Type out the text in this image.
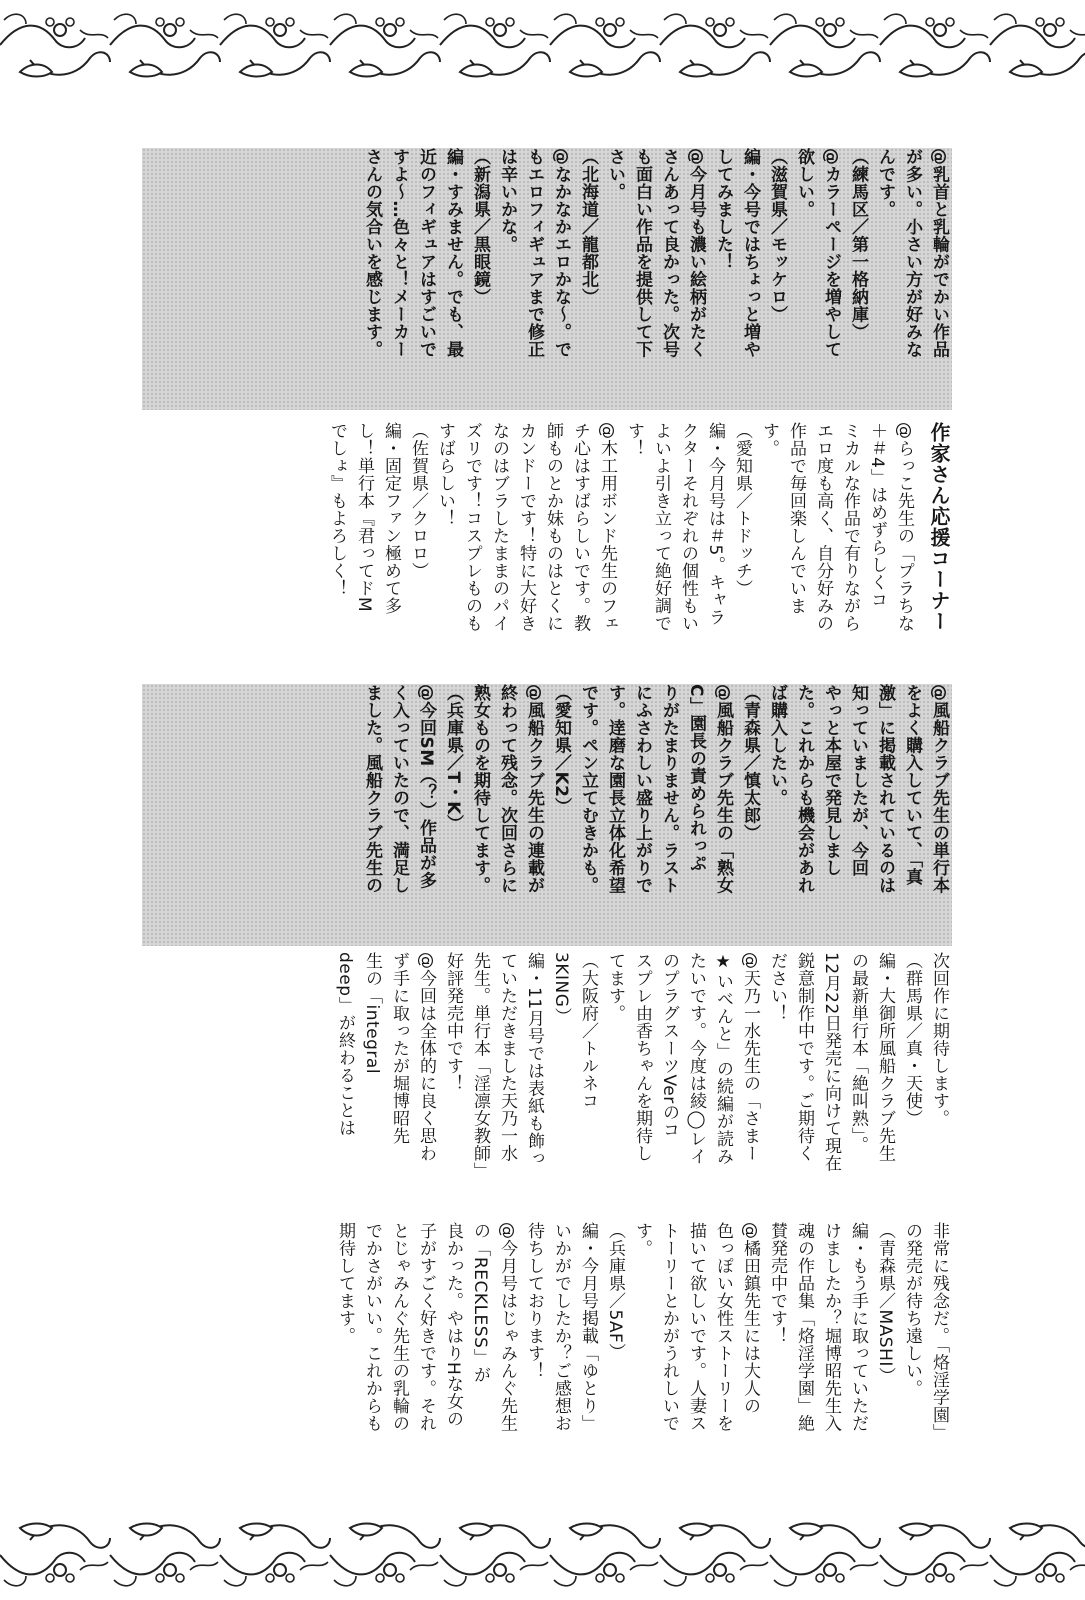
@乳首と乳輪がでかい作品

が多い。小さい方が好みな

んです。

（練馬区／第一格納庫）

@カラーページを増やして

欲しい。

（滋賀県／モッケロ）

編・今号ではちょっと増や

してみました！

@今月号も濃い絵柄がたく

さんあって良かった。次号

も面白い作品を提供して下

さい。

（北海道／龍都北）

@なかなかエロかな〜。で

もエロフィギュアまで修正

は辛いかな。

（新潟県／黒眼鏡）

編・すみません。でも、最

近のフィギュアはすごいで

すよ〜…色々と！メーカー

さんの気合いを感じます。

作家さん応援コーナー

@らっこ先生の「プラちな

＋＃4」はめずらしくコ

ミカルな作品で有りながら

エロ度も高く、自分好みの

作品で毎回楽しんでいま

す。

（愛知県／トドッチ）

編・今月号は＃5。キャラ

クターそれぞれの個性もい

よいよ引き立って絶好調で

す！

@木工用ボンド先生のフェ

チ心はすばらしいです。教

師ものとか妹ものはとくに

カンドーです！特に大好き

なのはブラしたままのパイ

ズリです！コスプレものも

すばらしい！

（佐賀県／クロロ）

編・固定ファン極めて多

し！単行本『君ってドM

でしょ』もよろしく！

@風船クラブ先生の単行本

をよく購入していて、「真

激」に掲載されているのは

知っていましたが、今回

やっと本屋で発見しまし

た。これからも機会があれ

ば購入したい。

（青森県／慎太郎）

@風船クラブ先生の「熟女

C」園長の責められっぷ

りがたまりません。ラスト

にふさわしい盛り上がりで

す。逹磨な園長立体化希望

です。ペン立てむきかも。

（愛知県／K2）

@風船クラブ先生の連載が

終わって残念。次回さらに

熟女ものを期待してます。

（兵庫県／T・K）

@今回SM（？）作品が多

く入っていたので、満足し

ました。風船クラブ先生の

次回作に期待します。

（群馬県／真・天使）

編・大御所風船クラブ先生

の最新単行本「絶叫熟」。

12月22日発売に向けて現在

鋭意制作中です。ご期待く

ださい！

@天乃一水先生の「さまー

★いべんと」の続編が読み

たいです。今度は綾◯レイ

のプラグスーツVerのコ

スプレ由香ちゃんを期待し

てます。

（大阪府／トルネコ

3KING）

編・11月号では表紙も飾っ

ていただきました天乃一水

先生。単行本「淫凛女教師」

好評発売中です！

@今回は全体的に良く思わ

ず手に取ったが堀博昭先

生の「integral

deep」が終わることは

非常に残念だ。「烙淫学園」

の発売が待ち遠しい。

（青森県／MASHI）

編・もう手に取っていただ

けましたか？堀博昭先生入

魂の作品集「烙淫学園」絶

賛発売中です！

@橘田鎮先生には大人の

色っぽい女性ストーリーを

描いて欲しいです。人妻ス

トーリーとかがうれしいで

す。

（兵庫県／5AF）

編・今月号掲載「ゆとり」

いかがでしたか？ご感想お

待ちしております！

@今月号はじゃみんぐ先生

の「RECKLESS」が

良かった。やはりHな女の

子がすごく好きです。それ

とじゃみんぐ先生の乳輪の

でかさがいい。これからも

期待してます。
